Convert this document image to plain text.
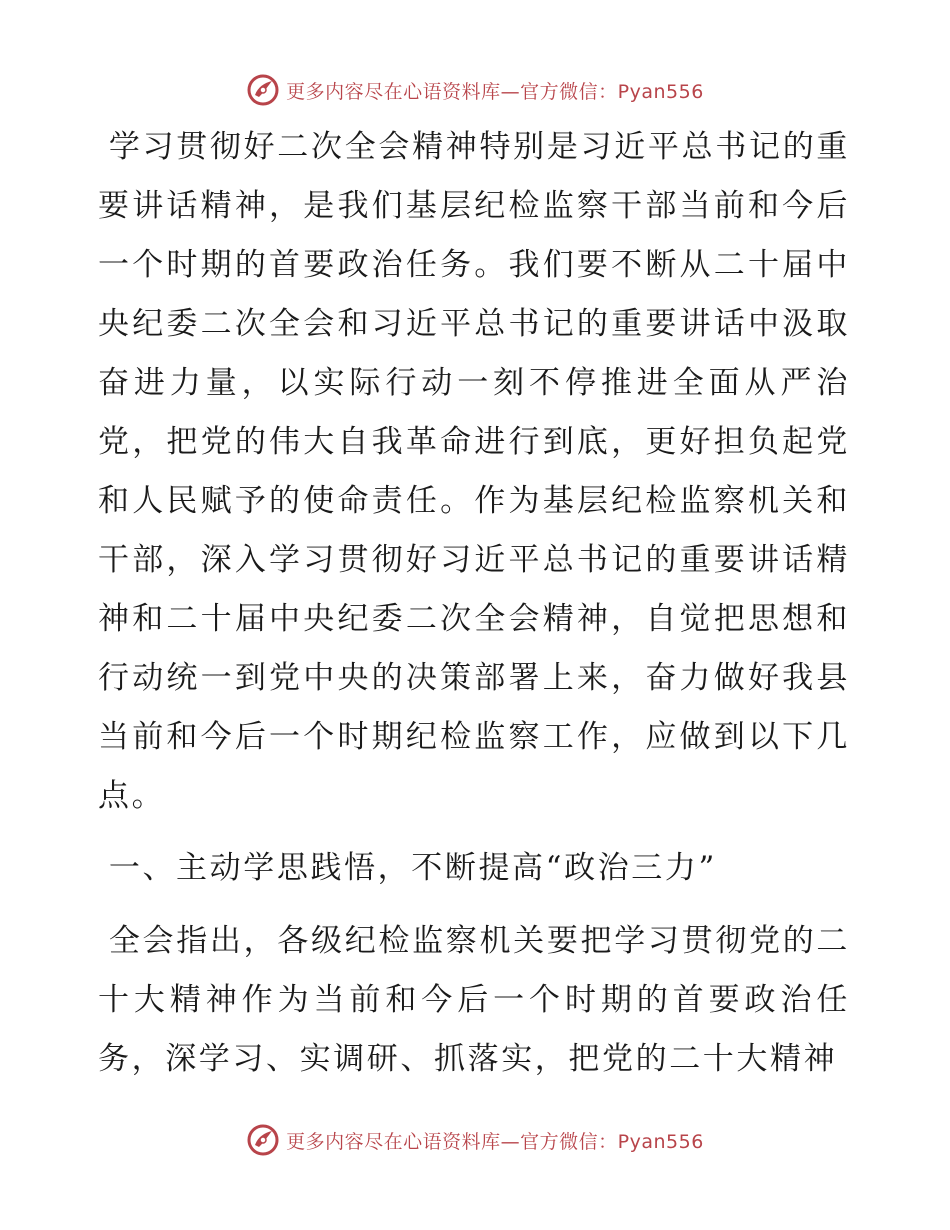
更多内容尽在心语资料库—官方微信：Pyan556

学习贯彻好二次全会精神特别是习近平总书记的重要讲话精神，是我们基层纪检监察干部当前和今后一个时期的首要政治任务。我们要不断从二十届中央纪委二次全会和习近平总书记的重要讲话中汲取奋进力量，以实际行动一刻不停推进全面从严治党，把党的伟大自我革命进行到底，更好担负起党和人民赋予的使命责任。作为基层纪检监察机关和干部，深入学习贯彻好习近平总书记的重要讲话精神和二十届中央纪委二次全会精神，自觉把思想和行动统一到党中央的决策部署上来，奋力做好我县当前和今后一个时期纪检监察工作，应做到以下几点。

一、主动学思践悟，不断提高“政治三力”

全会指出，各级纪检监察机关要把学习贯彻党的二十大精神作为当前和今后一个时期的首要政治任务，深学习、实调研、抓落实，把党的二十大精神

更多内容尽在心语资料库—官方微信：Pyan556
